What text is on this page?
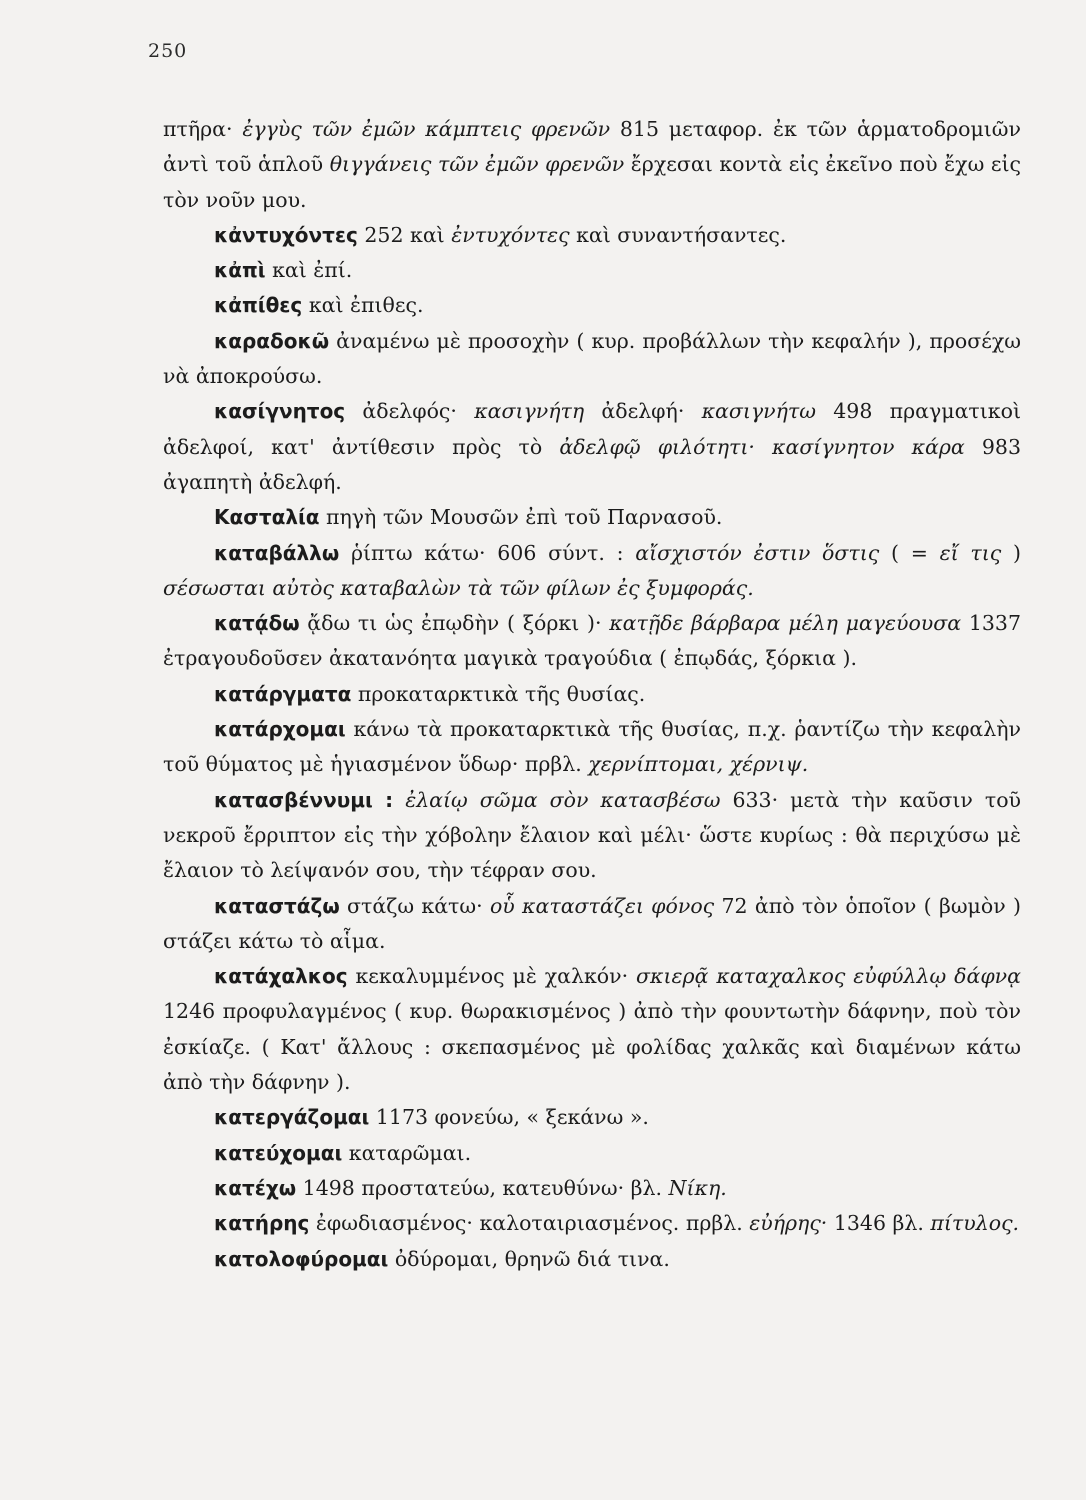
250

πτῆρα· ἐγγὺς τῶν ἐμῶν κάμπτεις φρενῶν 815 μεταφορ. ἐκ τῶν ἁρματοδρομιῶν ἀντὶ τοῦ ἁπλοῦ θιγγάνεις τῶν ἐμῶν φρενῶν ἔρχεσαι κοντὰ εἰς ἐκεῖνο ποὺ ἔχω εἰς τὸν νοῦν μου.

κἀντυχόντες 252 καὶ ἐντυχόντες καὶ συναντήσαντες.

κἀπὶ καὶ ἐπί.

κἀπίθες καὶ ἐπιθες.

καραδοκῶ ἀναμένω μὲ προσοχὴν ( κυρ. προβάλλων τὴν κεφαλήν ), προσέχω νὰ ἀποκρούσω.

κασίγνητος ἀδελφός· κασιγνήτη ἀδελφή· κασιγνήτω 498 πραγματικοὶ ἀδελφοί, κατ' ἀντίθεσιν πρὸς τὸ ἀδελφῷ φιλότητι· κασίγνητον κάρα 983 ἀγαπητὴ ἀδελφή.

Κασταλία πηγὴ τῶν Μουσῶν ἐπὶ τοῦ Παρνασοῦ.

καταβάλλω ῥίπτω κάτω· 606 σύντ. : αἴσχιστόν ἐστιν ὅστις ( = εἴ τις ) σέσωσται αὐτὸς καταβαλὼν τὰ τῶν φίλων ἐς ξυμφοράς.

κατᾴδω ᾄδω τι ὡς ἐπῳδὴν ( ξόρκι )· κατῇδε βάρβαρα μέλη μαγεύουσα 1337 ἐτραγουδοῦσεν ἀκατανόητα μαγικὰ τραγούδια ( ἐπῳδάς, ξόρκια ).

κατάργματα προκαταρκτικὰ τῆς θυσίας.

κατάρχομαι κάνω τὰ προκαταρκτικὰ τῆς θυσίας, π.χ. ῥαντίζω τὴν κεφαλὴν τοῦ θύματος μὲ ἡγιασμένον ὕδωρ· πρβλ. χερνίπτομαι, χέρνιψ.

κατασβέννυμι : ἐλαίῳ σῶμα σὸν κατασβέσω 633· μετὰ τὴν καῦσιν τοῦ νεκροῦ ἔρριπτον εἰς τὴν χόβολην ἔλαιον καὶ μέλι· ὥστε κυρίως : θὰ περιχύσω μὲ ἔλαιον τὸ λείψανόν σου, τὴν τέφραν σου.

καταστάζω στάζω κάτω· οὗ καταστάζει φόνος 72 ἀπὸ τὸν ὁποῖον ( βωμὸν ) στάζει κάτω τὸ αἷμα.

κατάχαλκος κεκαλυμμένος μὲ χαλκόν· σκιερᾷ καταχαλκος εὐφύλλῳ δάφνᾳ 1246 προφυλαγμένος ( κυρ. θωρακισμένος ) ἀπὸ τὴν φουντωτὴν δάφνην, ποὺ τὸν ἐσκίαζε. ( Κατ' ἄλλους : σκεπασμένος μὲ φολίδας χαλκᾶς καὶ διαμένων κάτω ἀπὸ τὴν δάφνην ).

κατεργάζομαι 1173 φονεύω, « ξεκάνω ».

κατεύχομαι καταρῶμαι.

κατέχω 1498 προστατεύω, κατευθύνω· βλ. Νίκη.

κατήρης ἐφωδιασμένος· καλοταιριασμένος. πρβλ. εὐήρης· 1346 βλ. πίτυλος.

κατολοφύρομαι ὀδύρομαι, θρηνῶ διά τινα.
